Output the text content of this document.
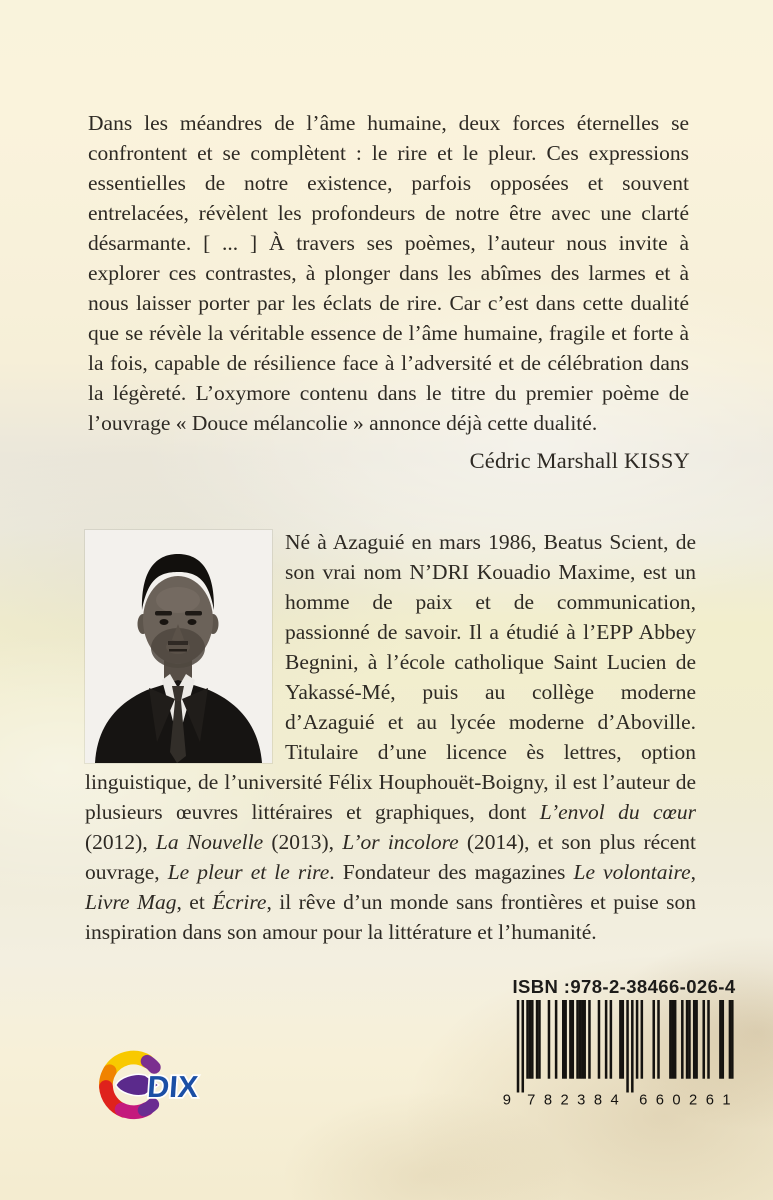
Dans les méandres de l’âme humaine, deux forces éternelles se confrontent et se complètent : le rire et le pleur. Ces expressions essentielles de notre existence, parfois opposées et souvent entrelacées, révèlent les profondeurs de notre être avec une clarté désarmante. [ ... ] À travers ses poèmes, l’auteur nous invite à explorer ces contrastes, à plonger dans les abîmes des larmes et à nous laisser porter par les éclats de rire. Car c’est dans cette dualité que se révèle la véritable essence de l’âme humaine, fragile et forte à la fois, capable de résilience face à l’adversité et de célébration dans la légèreté. L’oxymore contenu dans le titre du premier poème de l’ouvrage « Douce mélancolie » annonce déjà cette dualité.

Cédric Marshall KISSY
Né à Azaguié en mars 1986, Beatus Scient, de son vrai nom N’DRI Kouadio Maxime, est un homme de paix et de communication, passionné de savoir. Il a étudié à l’EPP Abbey Begnini, à l’école catholique Saint Lucien de Yakassé-Mé, puis au collège moderne d’Azaguié et au lycée moderne d’Aboville. Titulaire d’une licence ès lettres, option linguistique, de l’université Félix Houphouët-Boigny, il est l’auteur de plusieurs œuvres littéraires et graphiques, dont L’envol du cœur (2012), La Nouvelle (2013), L’or incolore (2014), et son plus récent ouvrage, Le pleur et le rire. Fondateur des magazines Le volontaire, Livre Mag, et Écrire, il rêve d’un monde sans frontières et puise son inspiration dans son amour pour la littérature et l’humanité.
ISBN :978-2-38466-026-4
9 7	6
8	6
2	0
3	2
8	6
4	1
DIX
